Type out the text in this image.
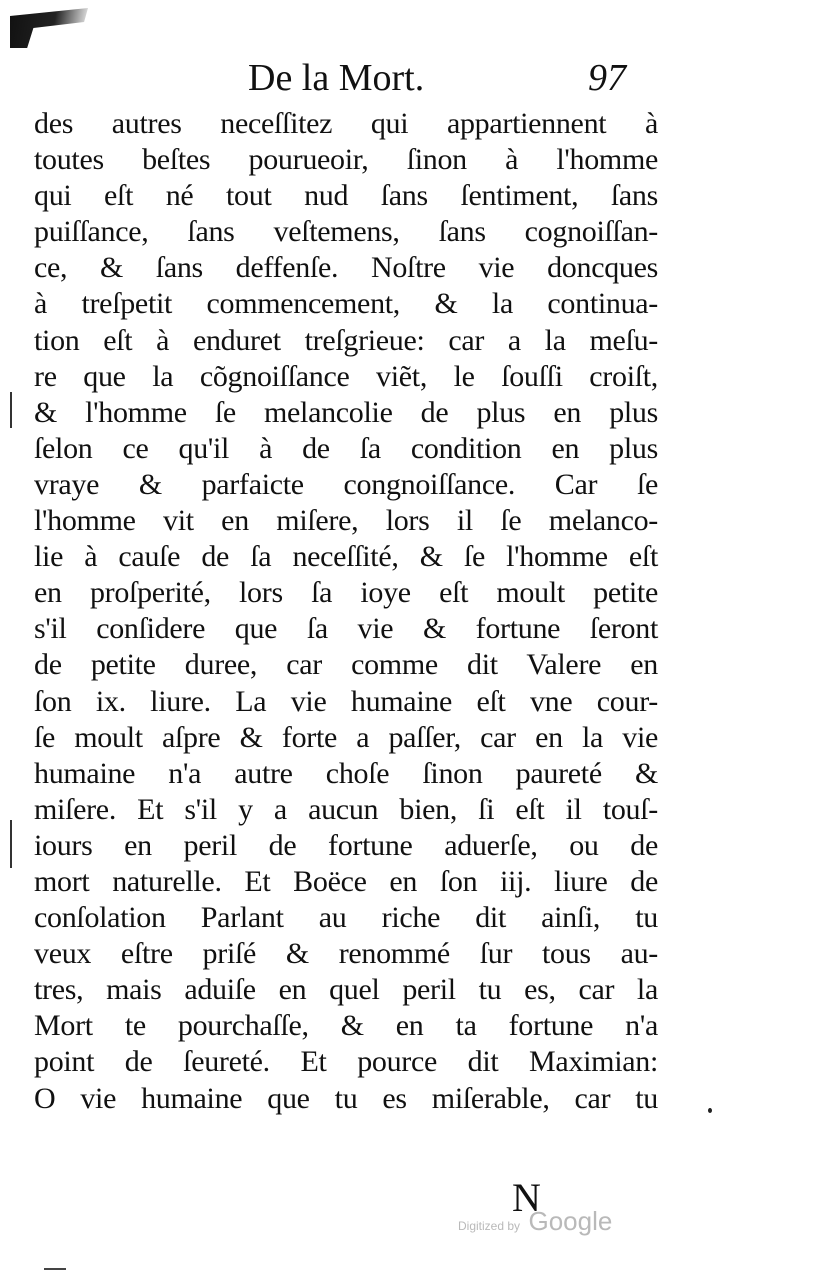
De la Mort.	97
des autres neceſſitez qui appartiennent à
toutes beſtes pourueoir, ſinon à l'homme
qui eſt né tout nud ſans ſentiment, ſans
puiſſance, ſans veſtemens, ſans cognoiſſan-
ce, & ſans deffenſe. Noſtre vie doncques
à treſpetit commencement, & la continua-
tion eſt à enduret treſgrieue: car a la meſu-
re que la cõgnoiſſance viẽt, le ſouſſi croiſt,
& l'homme ſe melancolie de plus en plus
ſelon ce qu'il à de ſa condition en plus
vraye & parfaicte congnoiſſance. Car ſe
l'homme vit en miſere, lors il ſe melanco-
lie à cauſe de ſa neceſſité, & ſe l'homme eſt
en proſperité, lors ſa ioye eſt moult petite
s'il conſidere que ſa vie & fortune ſeront
de petite duree, car comme dit Valere en
ſon ix. liure. La vie humaine eſt vne cour-
ſe moult aſpre & forte a paſſer, car en la vie
humaine n'a autre choſe ſinon paureté &
miſere. Et s'il y a aucun bien, ſi eſt il touſ-
iours en peril de fortune aduerſe, ou de
mort naturelle. Et Boëce en ſon iij. liure de
conſolation Parlant au riche dit ainſi, tu
veux eſtre priſé & renommé ſur tous au-
tres, mais aduiſe en quel peril tu es, car la
Mort te pourchaſſe, & en ta fortune n'a
point de ſeureté. Et pource dit Maximian:
O vie humaine que tu es miſerable, car tu
N
Digitized by Google
